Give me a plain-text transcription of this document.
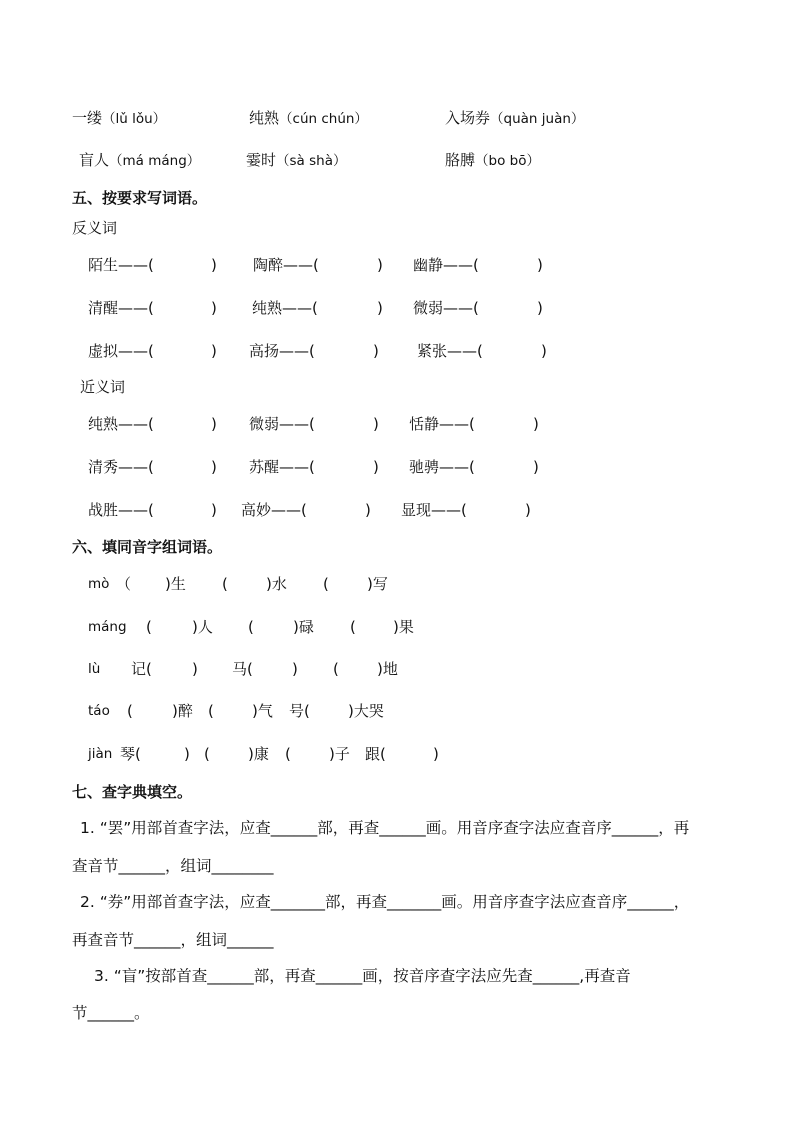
一缕（lǔ lǒu）	纯熟（cún chún）	入场券（quàn juàn）
盲人（má máng）	霎时（sà shà）	胳膊（bo bō）
五、按要求写词语。
反义词
陌生——(	) 陶醉——(	) 幽静——(	)
清醒——(	) 纯熟——(	) 微弱——(	)
虚拟——(	) 高扬——(	)	紧张——(	)
近义词
纯熟——(	) 微弱——(	) 恬静——(	)
清秀——(	) 苏醒——(	) 驰骋——(	)
战胜——(	) 高妙——(	) 显现——(	)
六、填同音字组词语。
mò （ )生 (	)水 (	)写
máng (	)人 (	)碌 ( )果
lù 记(	) 马(	) (	)地
táo (	)醉 (	)气 号(	)大哭
jiàn 琴(	) (	)康 (	)子 跟(	)
七、查字典填空。
1. “罢”用部首查字法，应查______部，再查______画。用音序查字法应查音序______，再
查音节______，组词________
2. “券”用部首查字法，应查_______部，再查_______画。用音序查字法应查音序______，
再查音节______，组词______
3. “盲”按部首查______部，再查______画，按音序查字法应先查______,再查音
节______。
